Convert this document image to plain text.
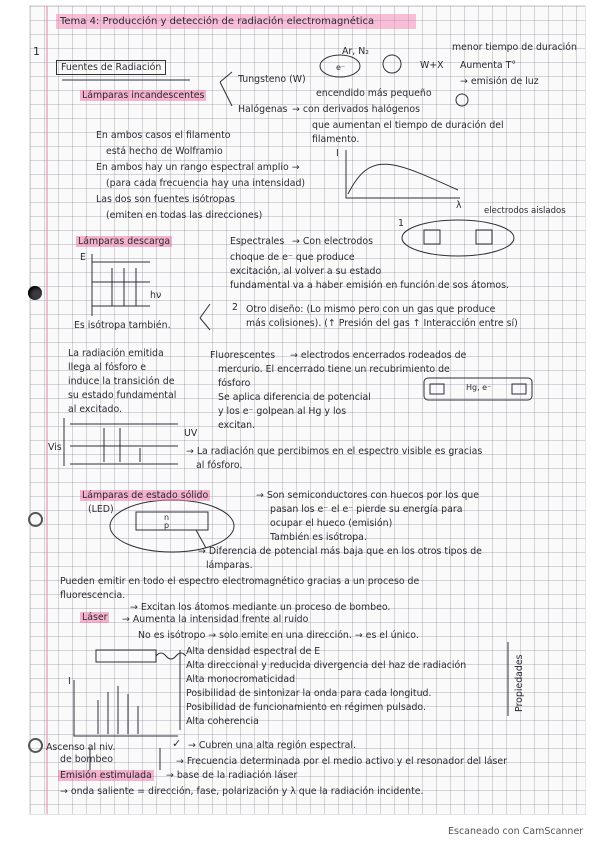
Tema 4: Producción y detección de radiación electromagnética
1
Fuentes de Radiación
Ar, N₂
e⁻	W+X
menor tiempo de duración
Aumenta T°
→ emisión de luz
Lámparas incandescentes
Tungsteno (W)
encendido más pequeño
Halógenas → con derivados halógenos
que aumentan el tiempo de duración del
filamento.
En ambos casos el filamento
está hecho de Wolframio
En ambos hay un rango espectral amplio →
(para cada frecuencia hay una intensidad)
Las dos son fuentes isótropas
(emiten en todas las direcciones)
I
λ	electrodos aislados
1
Lámparas descarga	Espectrales → Con electrodos
choque de e⁻ que produce
excitación, al volver a su estado
fundamental va a haber emisión en función de sos átomos.
E
hν
Es isótropa también.
2 Otro diseño: (Lo mismo pero con un gas que produce
más colisiones). (↑ Presión del gas ↑ Interacción entre sí)
La radiación emitida
llega al fósforo e
induce la transición de
su estado fundamental
al excitado.
Fluorescentes → electrodos encerrados rodeados de
mercurio. El encerrado tiene un recubrimiento de
fósforo
Se aplica diferencia de potencial
y los e⁻ golpean al Hg y los
excitan.
Hg, e⁻
UV
Vis	→ La radiación que percibimos en el espectro visible es gracias
al fósforo.
Lámparas de estado sólido
(LED)
→ Son semiconductores con huecos por los que
pasan los e⁻ el e⁻ pierde su energía para
ocupar el hueco (emisión)
También es isótropa.
n
p
→ Diferencia de potencial más baja que en los otros tipos de
lámparas.
Pueden emitir en todo el espectro electromagnético gracias a un proceso de
fluorescencia.
Láser
→ Excitan los átomos mediante un proceso de bombeo.
→ Aumenta la intensidad frente al ruido
No es isótropo → solo emite en una dirección. → es el único.
Alta densidad espectral de E
Alta direccional y reducida divergencia del haz de radiación
Alta monocromaticidad
Posibilidad de sintonizar la onda para cada longitud.
Posibilidad de funcionamiento en régimen pulsado.
Alta coherencia
Propiedades
I
Ascenso al niv.
de bombeo
✓ → Cubren una alta región espectral.
→ Frecuencia determinada por el medio activo y el resonador del láser
Emisión estimulada → base de la radiación láser
→ onda saliente = dirección, fase, polarización y λ que la radiación incidente.
Escaneado con CamScanner
